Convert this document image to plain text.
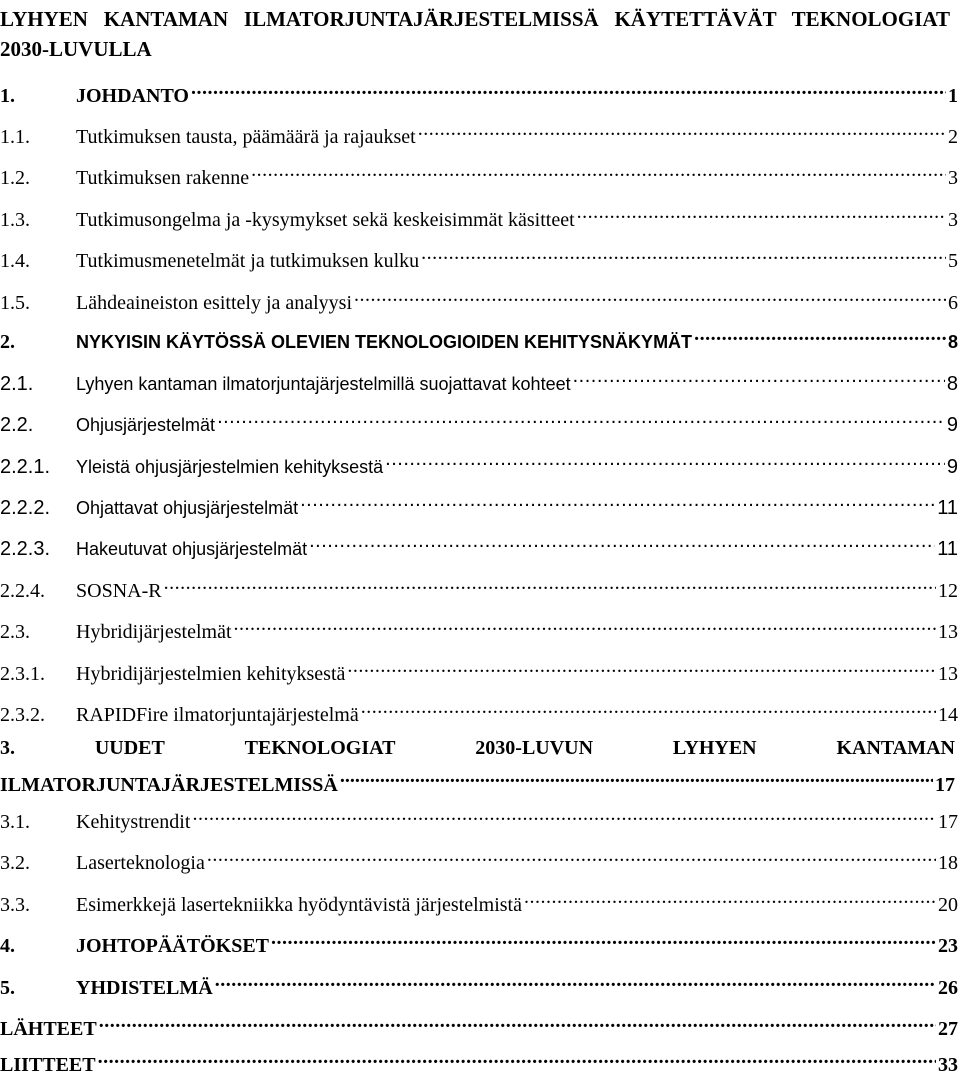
LYHYEN KANTAMAN ILMATORJUNTAJÄRJESTELMISSÄ KÄYTETTÄVÄT TEKNOLOGIAT 2030-LUVULLA
1.	JOHDANTO .....	1
1.1.	Tutkimuksen tausta, päämäärä ja rajaukset .....	2
1.2.	Tutkimuksen rakenne .....	3
1.3.	Tutkimusongelma ja -kysymykset sekä keskeisimmät käsitteet .....	3
1.4.	Tutkimusmenetelmät ja tutkimuksen kulku .....	5
1.5.	Lähdeaineiston esittely ja analyysi .....	6
2.	NYKYISIN KÄYTÖSSÄ OLEVIEN TEKNOLOGIOIDEN KEHITYSNÄKYMÄT .....	8
2.1.	Lyhyen kantaman ilmatorjuntajärjestelmillä suojattavat kohteet .....	8
2.2.	Ohjusjärjestelmät .....	9
2.2.1.	Yleistä ohjusjärjestelmien kehityksestä .....	9
2.2.2.	Ohjattavat ohjusjärjestelmät .....	11
2.2.3.	Hakeutuvat ohjusjärjestelmät .....	11
2.2.4.	SOSNA-R .....	12
2.3.	Hybridijärjestelmät .....	13
2.3.1.	Hybridijärjestelmien kehityksestä .....	13
2.3.2.	RAPIDFire ilmatorjuntajärjestelmä .....	14
3.	UUDET	TEKNOLOGIAT	2030-LUVUN	LYHYEN	KANTAMAN
ILMATORJUNTAJÄRJESTELMISSÄ .....	17
3.1.	Kehitystrendit .....	17
3.2.	Laserteknologia .....	18
3.3.	Esimerkkejä lasertekniikka hyödyntävistä järjestelmistä .....	20
4.	JOHTOPÄÄTÖKSET .....	23
5.	YHDISTELMÄ .....	26
LÄHTEET .....	27
LIITTEET .....	33
